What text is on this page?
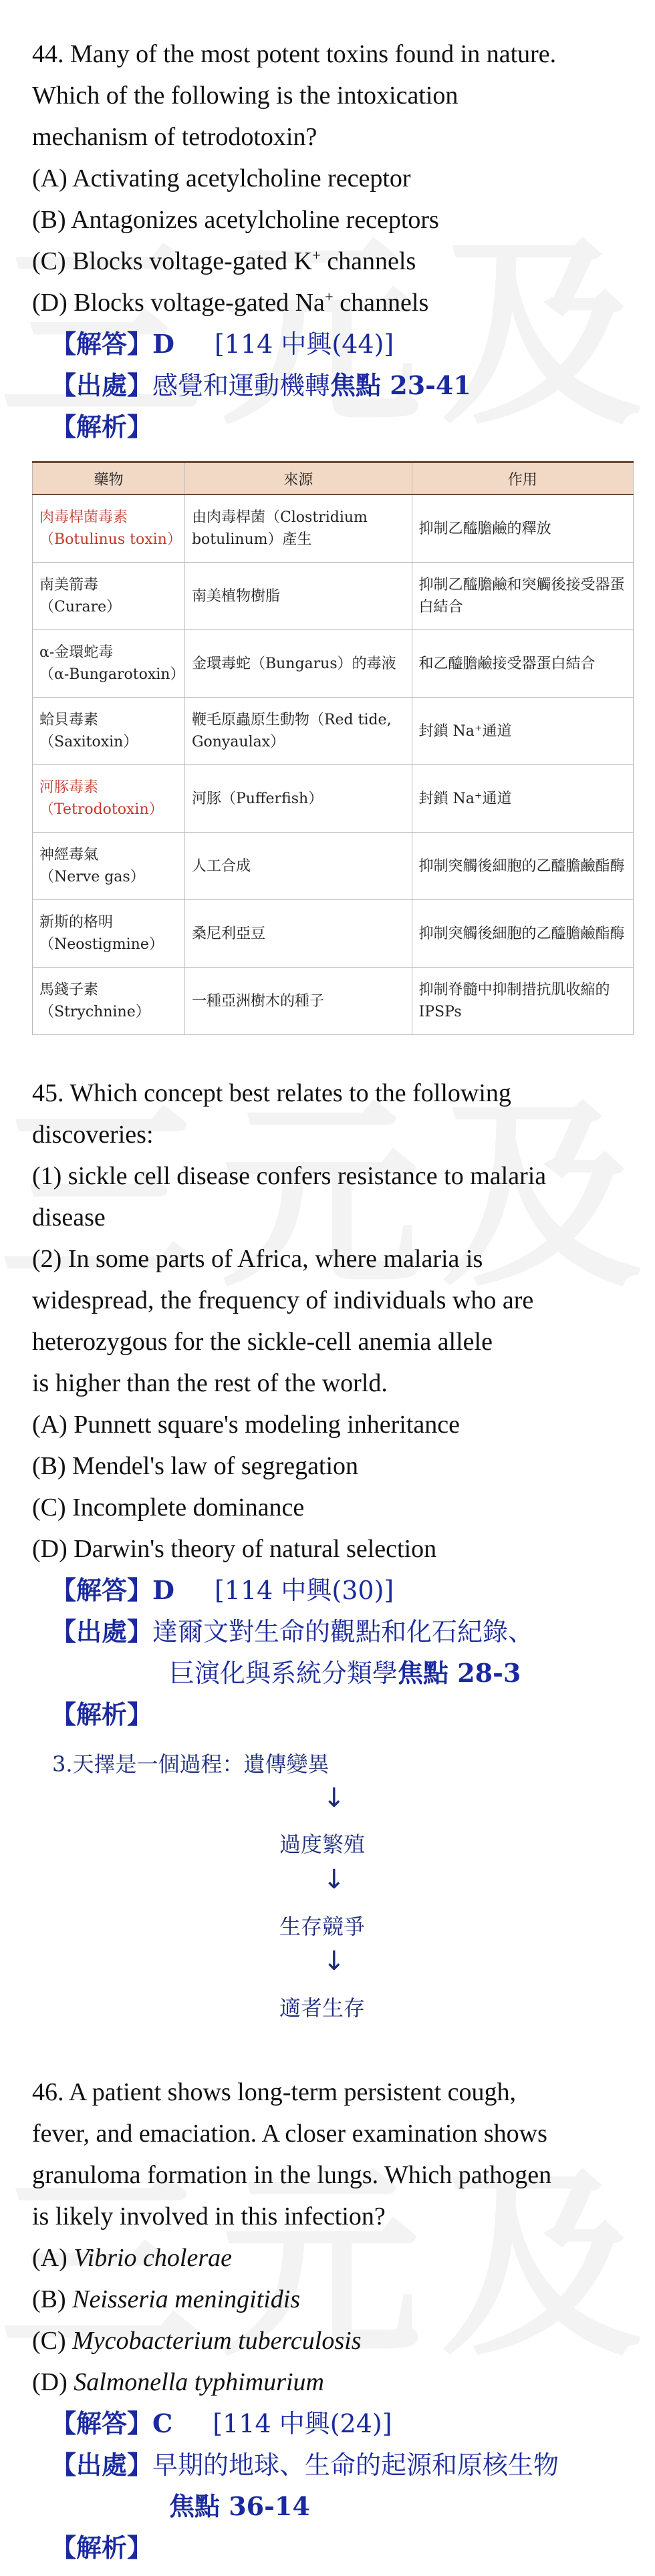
44. Many of the most potent toxins found in nature.

Which of the following is the intoxication

mechanism of tetrodotoxin?

(A) Activating acetylcholine receptor

(B) Antagonizes acetylcholine receptors

(C) Blocks voltage-gated K+ channels

(D) Blocks voltage-gated Na+ channels

【解答】D [114 中興(44)]

【出處】感覺和運動機轉焦點 23-41

【解析】

藥物	來源	作用

肉毒桿菌毒素
（Botulinus toxin）	由肉毒桿菌（Clostridium botulinum）產生	抑制乙醯膽鹼的釋放

南美箭毒
（Curare）	南美植物樹脂	抑制乙醯膽鹼和突觸後接受器蛋白結合

α-金環蛇毒
（α-Bungarotoxin）	金環毒蛇（Bungarus）的毒液	和乙醯膽鹼接受器蛋白結合

蛤貝毒素
（Saxitoxin）	鞭毛原蟲原生動物（Red tide, Gonyaulax）	封鎖 Na⁺通道

河豚毒素
（Tetrodotoxin）	河豚（Pufferfish）	封鎖 Na⁺通道

神經毒氣
（Nerve gas）	人工合成	抑制突觸後細胞的乙醯膽鹼酯酶

新斯的格明
（Neostigmine）	桑尼利亞豆	抑制突觸後細胞的乙醯膽鹼酯酶

馬錢子素
（Strychnine）	一種亞洲樹木的種子	抑制脊髓中抑制措抗肌收縮的 IPSPs

45. Which concept best relates to the following

discoveries:

(1) sickle cell disease confers resistance to malaria

disease

(2) In some parts of Africa, where malaria is

widespread, the frequency of individuals who are

heterozygous for the sickle-cell anemia allele

is higher than the rest of the world.

(A) Punnett square's modeling inheritance

(B) Mendel's law of segregation

(C) Incomplete dominance

(D) Darwin's theory of natural selection

【解答】D [114 中興(30)]

【出處】達爾文對生命的觀點和化石紀錄、

巨演化與系統分類學焦點 28-3

【解析】

3.天擇是一個過程：遺傳變異
↓
過度繁殖
↓
生存競爭
↓
適者生存

46. A patient shows long-term persistent cough,

fever, and emaciation. A closer examination shows

granuloma formation in the lungs. Which pathogen

is likely involved in this infection?

(A) Vibrio cholerae

(B) Neisseria meningitidis

(C) Mycobacterium tuberculosis

(D) Salmonella typhimurium

【解答】C [114 中興(24)]

【出處】早期的地球、生命的起源和原核生物

焦點 36-14

【解析】
